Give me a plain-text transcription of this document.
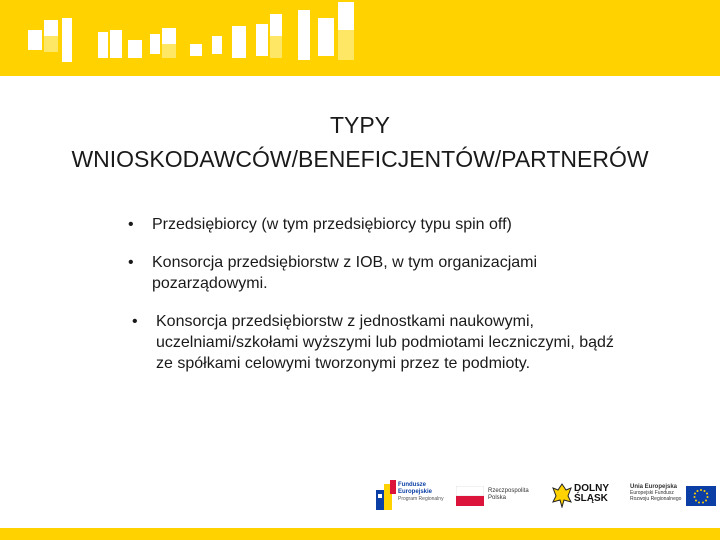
TYPY
WNIOSKODAWCÓW/BENEFICJENTÓW/PARTNERÓW
• Przedsiębiorcy (w tym przedsiębiorcy typu spin off)
• Konsorcja przedsiębiorstw z IOB, w tym organizacjami pozarządowymi.
• Konsorcja przedsiębiorstw z jednostkami naukowymi, uczelniami/szkołami wyższymi lub podmiotami leczniczymi, bądź ze spółkami celowymi tworzonymi przez te podmioty.
Fundusze
Europejskie
Program Regionalny
Rzeczpospolita
Polska
DOLNY
ŚLĄSK
Unia Europejska
Europejski Fundusz
Rozwoju Regionalnego
